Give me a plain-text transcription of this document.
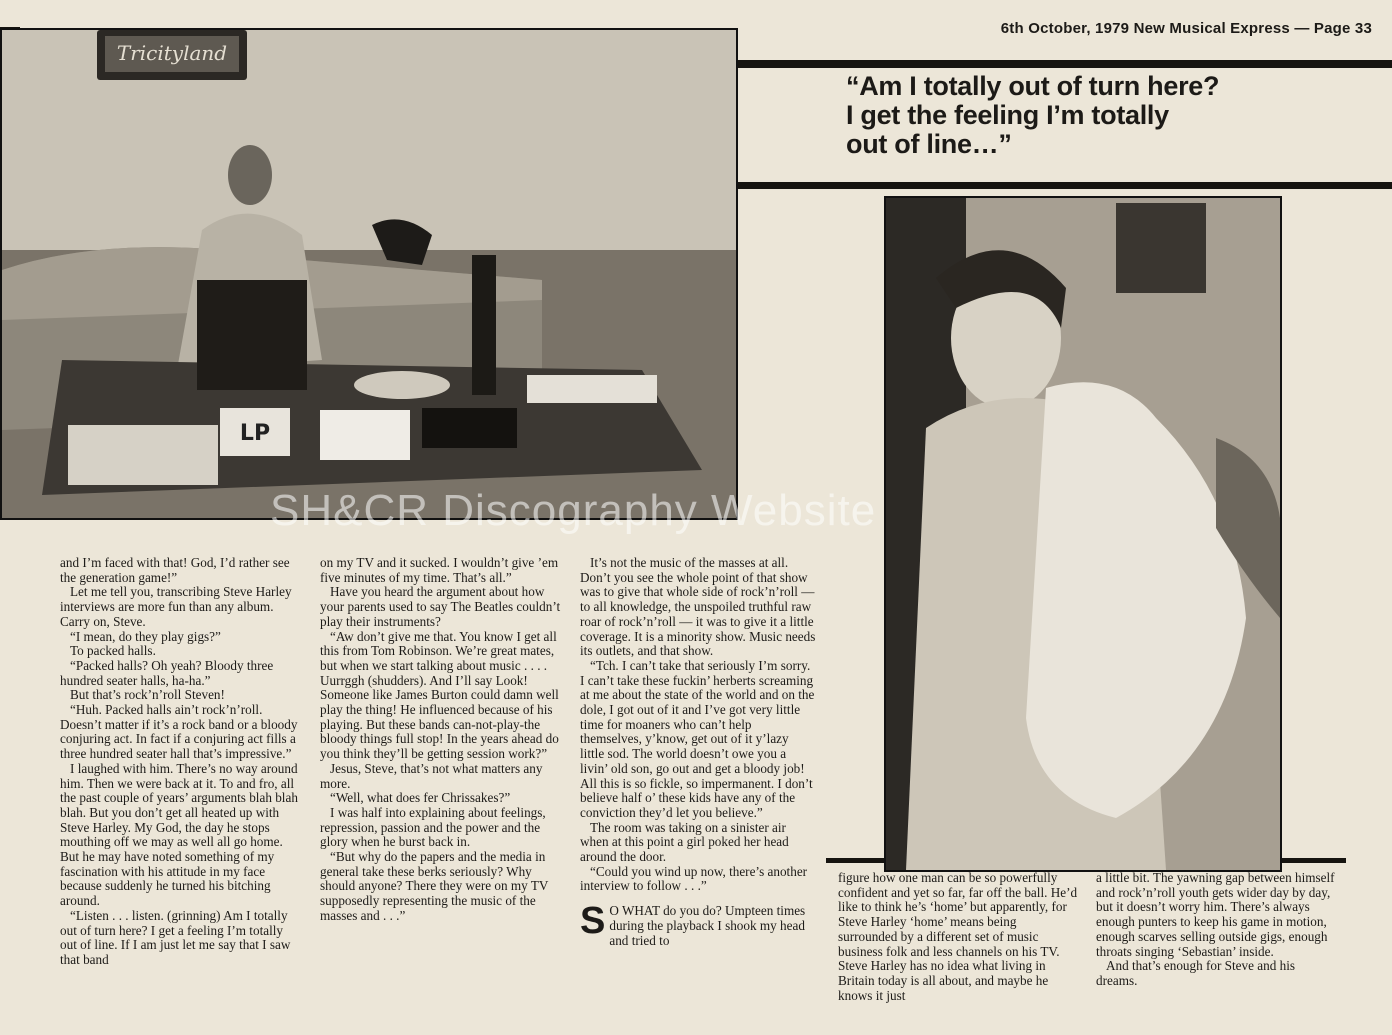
6th October, 1979 New Musical Express — Page 33
Tricityland
LP
“Am I totally out of turn here?
I get the feeling I’m totally
out of line…”
SH&CR Discography Website

and I’m faced with that! God, I’d rather see the generation game!”

Let me tell you, transcribing Steve Harley interviews are more fun than any album. Carry on, Steve.

“I mean, do they play gigs?”

To packed halls.

“Packed halls? Oh yeah? Bloody three hundred seater halls, ha-ha.”

But that’s rock’n’roll Steven!

“Huh. Packed halls ain’t rock’n’roll. Doesn’t matter if it’s a rock band or a bloody conjuring act. In fact if a conjuring act fills a three hundred seater hall that’s impressive.”

I laughed with him. There’s no way around him. Then we were back at it. To and fro, all the past couple of years’ arguments blah blah blah. But you don’t get all heated up with Steve Harley. My God, the day he stops mouthing off we may as well all go home. But he may have noted something of my fascination with his attitude in my face because suddenly he turned his bitching around.

“Listen . . . listen. (grinning) Am I totally out of turn here? I get a feeling I’m totally out of line. If I am just let me say that I saw that band

on my TV and it sucked. I wouldn’t give ’em five minutes of my time. That’s all.”

Have you heard the argument about how your parents used to say The Beatles couldn’t play their instruments?

“Aw don’t give me that. You know I get all this from Tom Robinson. We’re great mates, but when we start talking about music . . . . Uurrggh (shudders). And I’ll say Look! Someone like James Burton could damn well play the thing! He influenced because of his playing. But these bands can-not-play-the bloody things full stop! In the years ahead do you think they’ll be getting session work?”

Jesus, Steve, that’s not what matters any more.

“Well, what does fer Chrissakes?”

I was half into explaining about feelings, repression, passion and the power and the glory when he burst back in.

“But why do the papers and the media in general take these berks seriously? Why should anyone? There they were on my TV supposedly representing the music of the masses and . . .”

It’s not the music of the masses at all. Don’t you see the whole point of that show was to give that whole side of rock’n’roll — to all knowledge, the unspoiled truthful raw roar of rock’n’roll — it was to give it a little coverage. It is a minority show. Music needs its outlets, and that show.

“Tch. I can’t take that seriously I’m sorry. I can’t take these fuckin’ herberts screaming at me about the state of the world and on the dole, I got out of it and I’ve got very little time for moaners who can’t help themselves, y’know, get out of it y’lazy little sod. The world doesn’t owe you a livin’ old son, go out and get a bloody job! All this is so fickle, so impermanent. I don’t believe half o’ these kids have any of the conviction they’d let you believe.”

The room was taking on a sinister air when at this point a girl poked her head around the door.

“Could you wind up now, there’s another interview to follow . . .”

S O WHAT do you do? Umpteen times during the playback I shook my head and tried to

figure how one man can be so powerfully confident and yet so far, far off the ball. He’d like to think he’s ‘home’ but apparently, for Steve Harley ‘home’ means being surrounded by a different set of music business folk and less channels on his TV. Steve Harley has no idea what living in Britain today is all about, and maybe he knows it just

a little bit. The yawning gap between himself and rock’n’roll youth gets wider day by day, but it doesn’t worry him. There’s always enough punters to keep his game in motion, enough scarves selling outside gigs, enough throats singing ‘Sebastian’ inside.

And that’s enough for Steve and his dreams.
